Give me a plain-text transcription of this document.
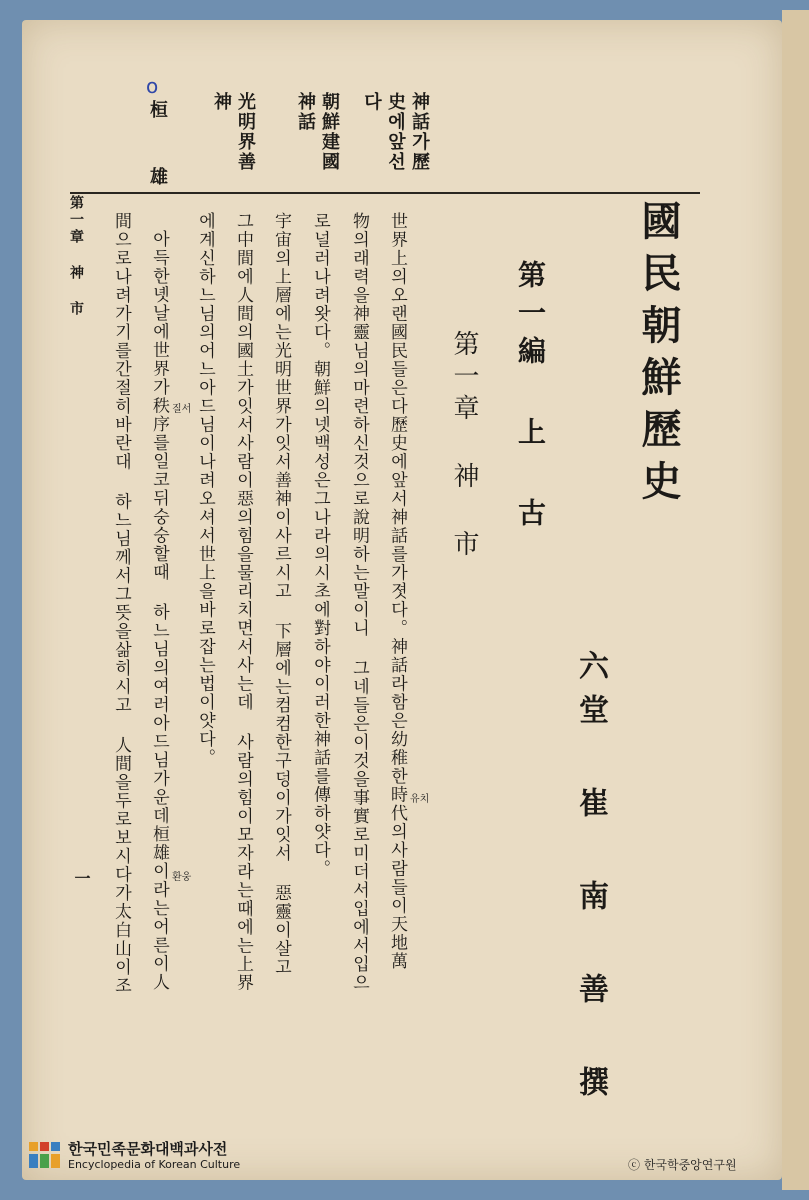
國民朝鮮歷史
六堂 崔 南 善 撰
第一編 上 古
第一章 神 市
神話가歷
史에앞선
다
朝鮮建國
神話
光明界善
神
桓 雄
o
世界上의오랜國民들은다歷史에앞서神話를가졋다。神話라함은幼稚한時代의사람들이天地萬
物의래력을神靈님의마련하신것으로說明하는말이니 그네들은이것을事實로미더서입에서입으
로널러나려왓다。朝鮮의넷백성은그나라의시초에對하야이러한神話를傳하얏다。
宇宙의上層에는光明世界가잇서善神이사르시고 下層에는컴컴한구덩이가잇서 惡靈이살고
그中間에人間의國土가잇서사람이惡의힘을물리치면서사는데 사람의힘이모자라는때에는上界
에계신하느님의어느아드님이나려오셔서世上을바로잡는법이얏다。
아득한녯날에世界가秩序를일코뒤숭숭할때 하느님의여러아드님가운데桓雄이라는어른이人
間으로나려가기를간절히바란대 하느님께서그뜻을삶히시고 人間을두로보시다가太白山이조	유치
질서
환웅
第一章 神 市
一
한국민족문화대백과사전
Encyclopedia of Korean Culture	ⓒ 한국학중앙연구원
